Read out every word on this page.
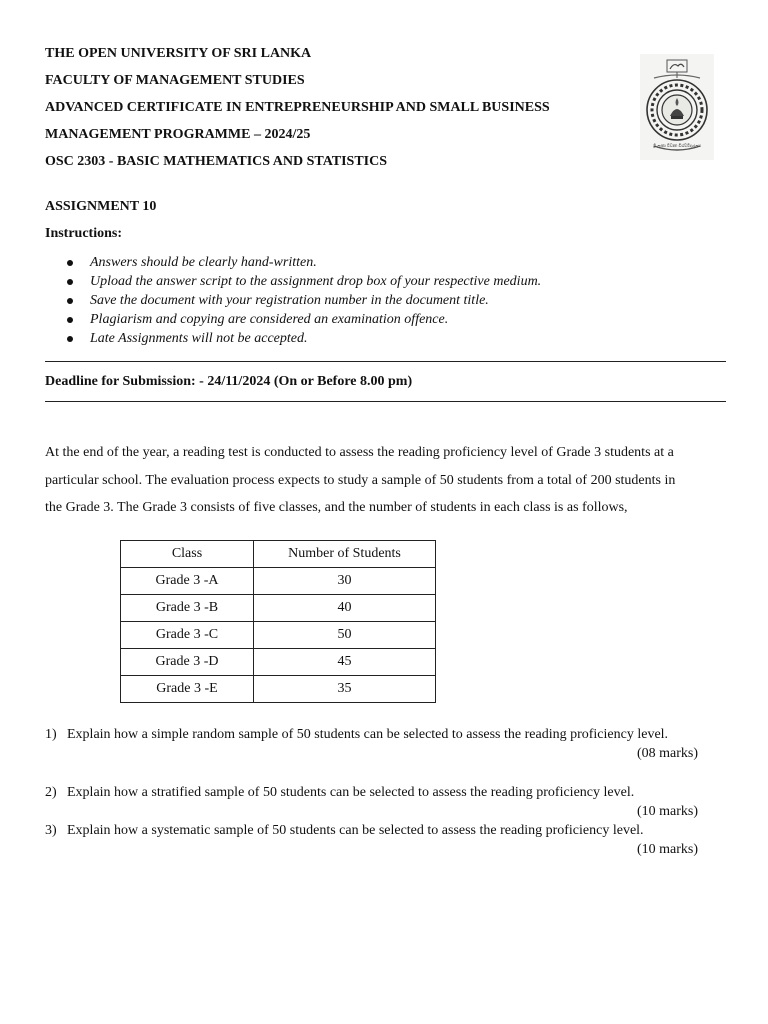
THE OPEN UNIVERSITY OF SRI LANKA
FACULTY OF MANAGEMENT STUDIES
ADVANCED CERTIFICATE IN ENTREPRENEURSHIP AND SMALL BUSINESS
MANAGEMENT PROGRAMME – 2024/25
OSC 2303 - BASIC MATHEMATICS AND STATISTICS
ශ්‍රී ලංකා විවෘත විශ්වවිද්‍යාලය
ASSIGNMENT 10
Instructions:
Answers should be clearly hand-written.
Upload the answer script to the assignment drop box of your respective medium.
Save the document with your registration number in the document title.
Plagiarism and copying are considered an examination offence.
Late Assignments will not be accepted.
Deadline for Submission: - 24/11/2024 (On or Before 8.00 pm)
At the end of the year, a reading test is conducted to assess the reading proficiency level of Grade 3 students at a
particular school. The evaluation process expects to study a sample of 50 students from a total of 200 students in
the Grade 3. The Grade 3 consists of five classes, and the number of students in each class is as follows,
Class	Number of Students
Grade 3 -A	30
Grade 3 -B	40
Grade 3 -C	50
Grade 3 -D	45
Grade 3 -E	35
1) Explain how a simple random sample of 50 students can be selected to assess the reading proficiency level.
(08 marks)
2) Explain how a stratified sample of 50 students can be selected to assess the reading proficiency level.
(10 marks)
3) Explain how a systematic sample of 50 students can be selected to assess the reading proficiency level.
(10 marks)
